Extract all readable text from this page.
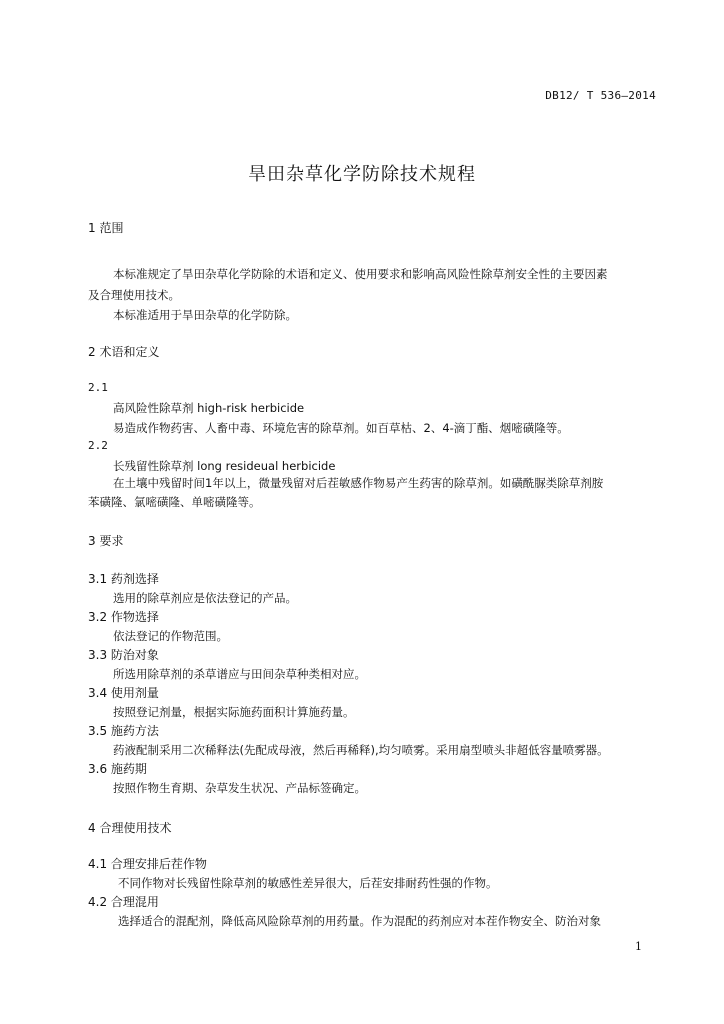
DB12/ T 536—2014
旱田杂草化学防除技术规程
1 范围
本标准规定了旱田杂草化学防除的术语和定义、使用要求和影响高风险性除草剂安全性的主要因素
及合理使用技术。
本标准适用于旱田杂草的化学防除。
2 术语和定义
2.1
高风险性除草剂 high-risk herbicide
易造成作物药害、人畜中毒、环境危害的除草剂。如百草枯、2、4-滴丁酯、烟嘧磺隆等。
2.2
长残留性除草剂 long resideual herbicide
在土壤中残留时间1年以上，微量残留对后茬敏感作物易产生药害的除草剂。如磺酰脲类除草剂胺
苯磺隆、氯嘧磺隆、单嘧磺隆等。
3 要求
3.1 药剂选择
选用的除草剂应是依法登记的产品。
3.2 作物选择
依法登记的作物范围。
3.3 防治对象
所选用除草剂的杀草谱应与田间杂草种类相对应。
3.4 使用剂量
按照登记剂量，根据实际施药面积计算施药量。
3.5 施药方法
药液配制采用二次稀释法(先配成母液，然后再稀释),均匀喷雾。采用扇型喷头非超低容量喷雾器。
3.6 施药期
按照作物生育期、杂草发生状况、产品标签确定。
4 合理使用技术
4.1 合理安排后茬作物
不同作物对长残留性除草剂的敏感性差异很大，后茬安排耐药性强的作物。
4.2 合理混用
选择适合的混配剂，降低高风险除草剂的用药量。作为混配的药剂应对本茬作物安全、防治对象
1
